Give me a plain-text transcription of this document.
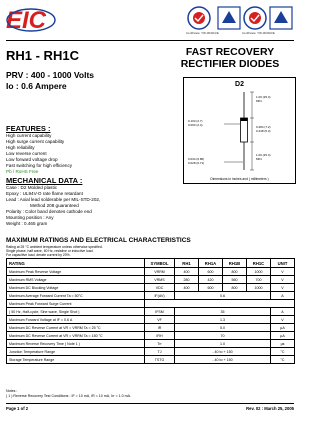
EIC	Certificate: TW-00/001/E	Certificate: TW-00/002/E
RH1 - RH1C	FAST RECOVERY
RECTIFIER DIODES
PRV : 400 - 1000 Volts
Io : 0.6 Ampere
FEATURES :
High current capability
High surge current capability
High reliability
Low reverse current
Low forward voltage drop
Fast switching for high efficiency
Pb / RoHS Free
MECHANICAL DATA :
Case : D2 Molded plastic
Epoxy : UL94V-O rate flame retardant
Lead : Axial lead solderable per MIL-STD-202,
Method 208 guaranteed
Polarity : Color band denotes cathode end
Mounting position : Any
Weight : 0.465 gram
D2
1.00 (25.4)
MIN.
0.103 (2.7)
0.093 (2.4)
0.284 (7.2)
0.248 (6.3)
0.034 (0.86)
0.028 (0.71)
1.00 (25.4)
MIN.
Dimensions in inches and ( millimeters )
MAXIMUM RATINGS AND ELECTRICAL CHARACTERISTICS
Rating at 25 °C ambient temperature unless otherwise specified.
Single phase, half wave, 60 Hz, resistive or inductive load.
For capacitive load, derate current by 20%.
RATING	SYMBOL	RH1	RH1A	RH1B	RH1C	UNIT
Maximum Peak Reverse Voltage	VRRM	400	600	800	1000	V
Maximum RMS Voltage	VRMS	280	420	560	700	V
Maximum DC Blocking Voltage	VDC	400	600	800	1000	V
Maximum Average Forward Current Ta = 50°C	IF(AV)	0.6				A
Maximum Peak Forward Surge Current						
( 50 Hz, Half-cycle, Sine wave, Single Shot )	IFSM	35				A
Maximum Forward Voltage at IF = 0.6 A	VF	1.3				V
Maximum DC Reverse Current at VR = VRRM Ta = 25 °C	IR	5.0				µA
Maximum DC Reverse Current at VR = VRRM Ta = 150 °C	IRH	70				µA
Maximum Reverse Recovery Time ( Note 1 )	Trr	1.0				µs
Junction Temperature Range	TJ	- 40 to + 150				°C
Storage Temperature Range	TSTG	- 40 to + 150				°C
Notes :
( 1 ) Reverse Recovery Test Conditions : IF = 10 mA, IR = 10 mA, Irr = 1.0 mA.
Page 1 of 2	Rev. 02 : March 25, 2005
